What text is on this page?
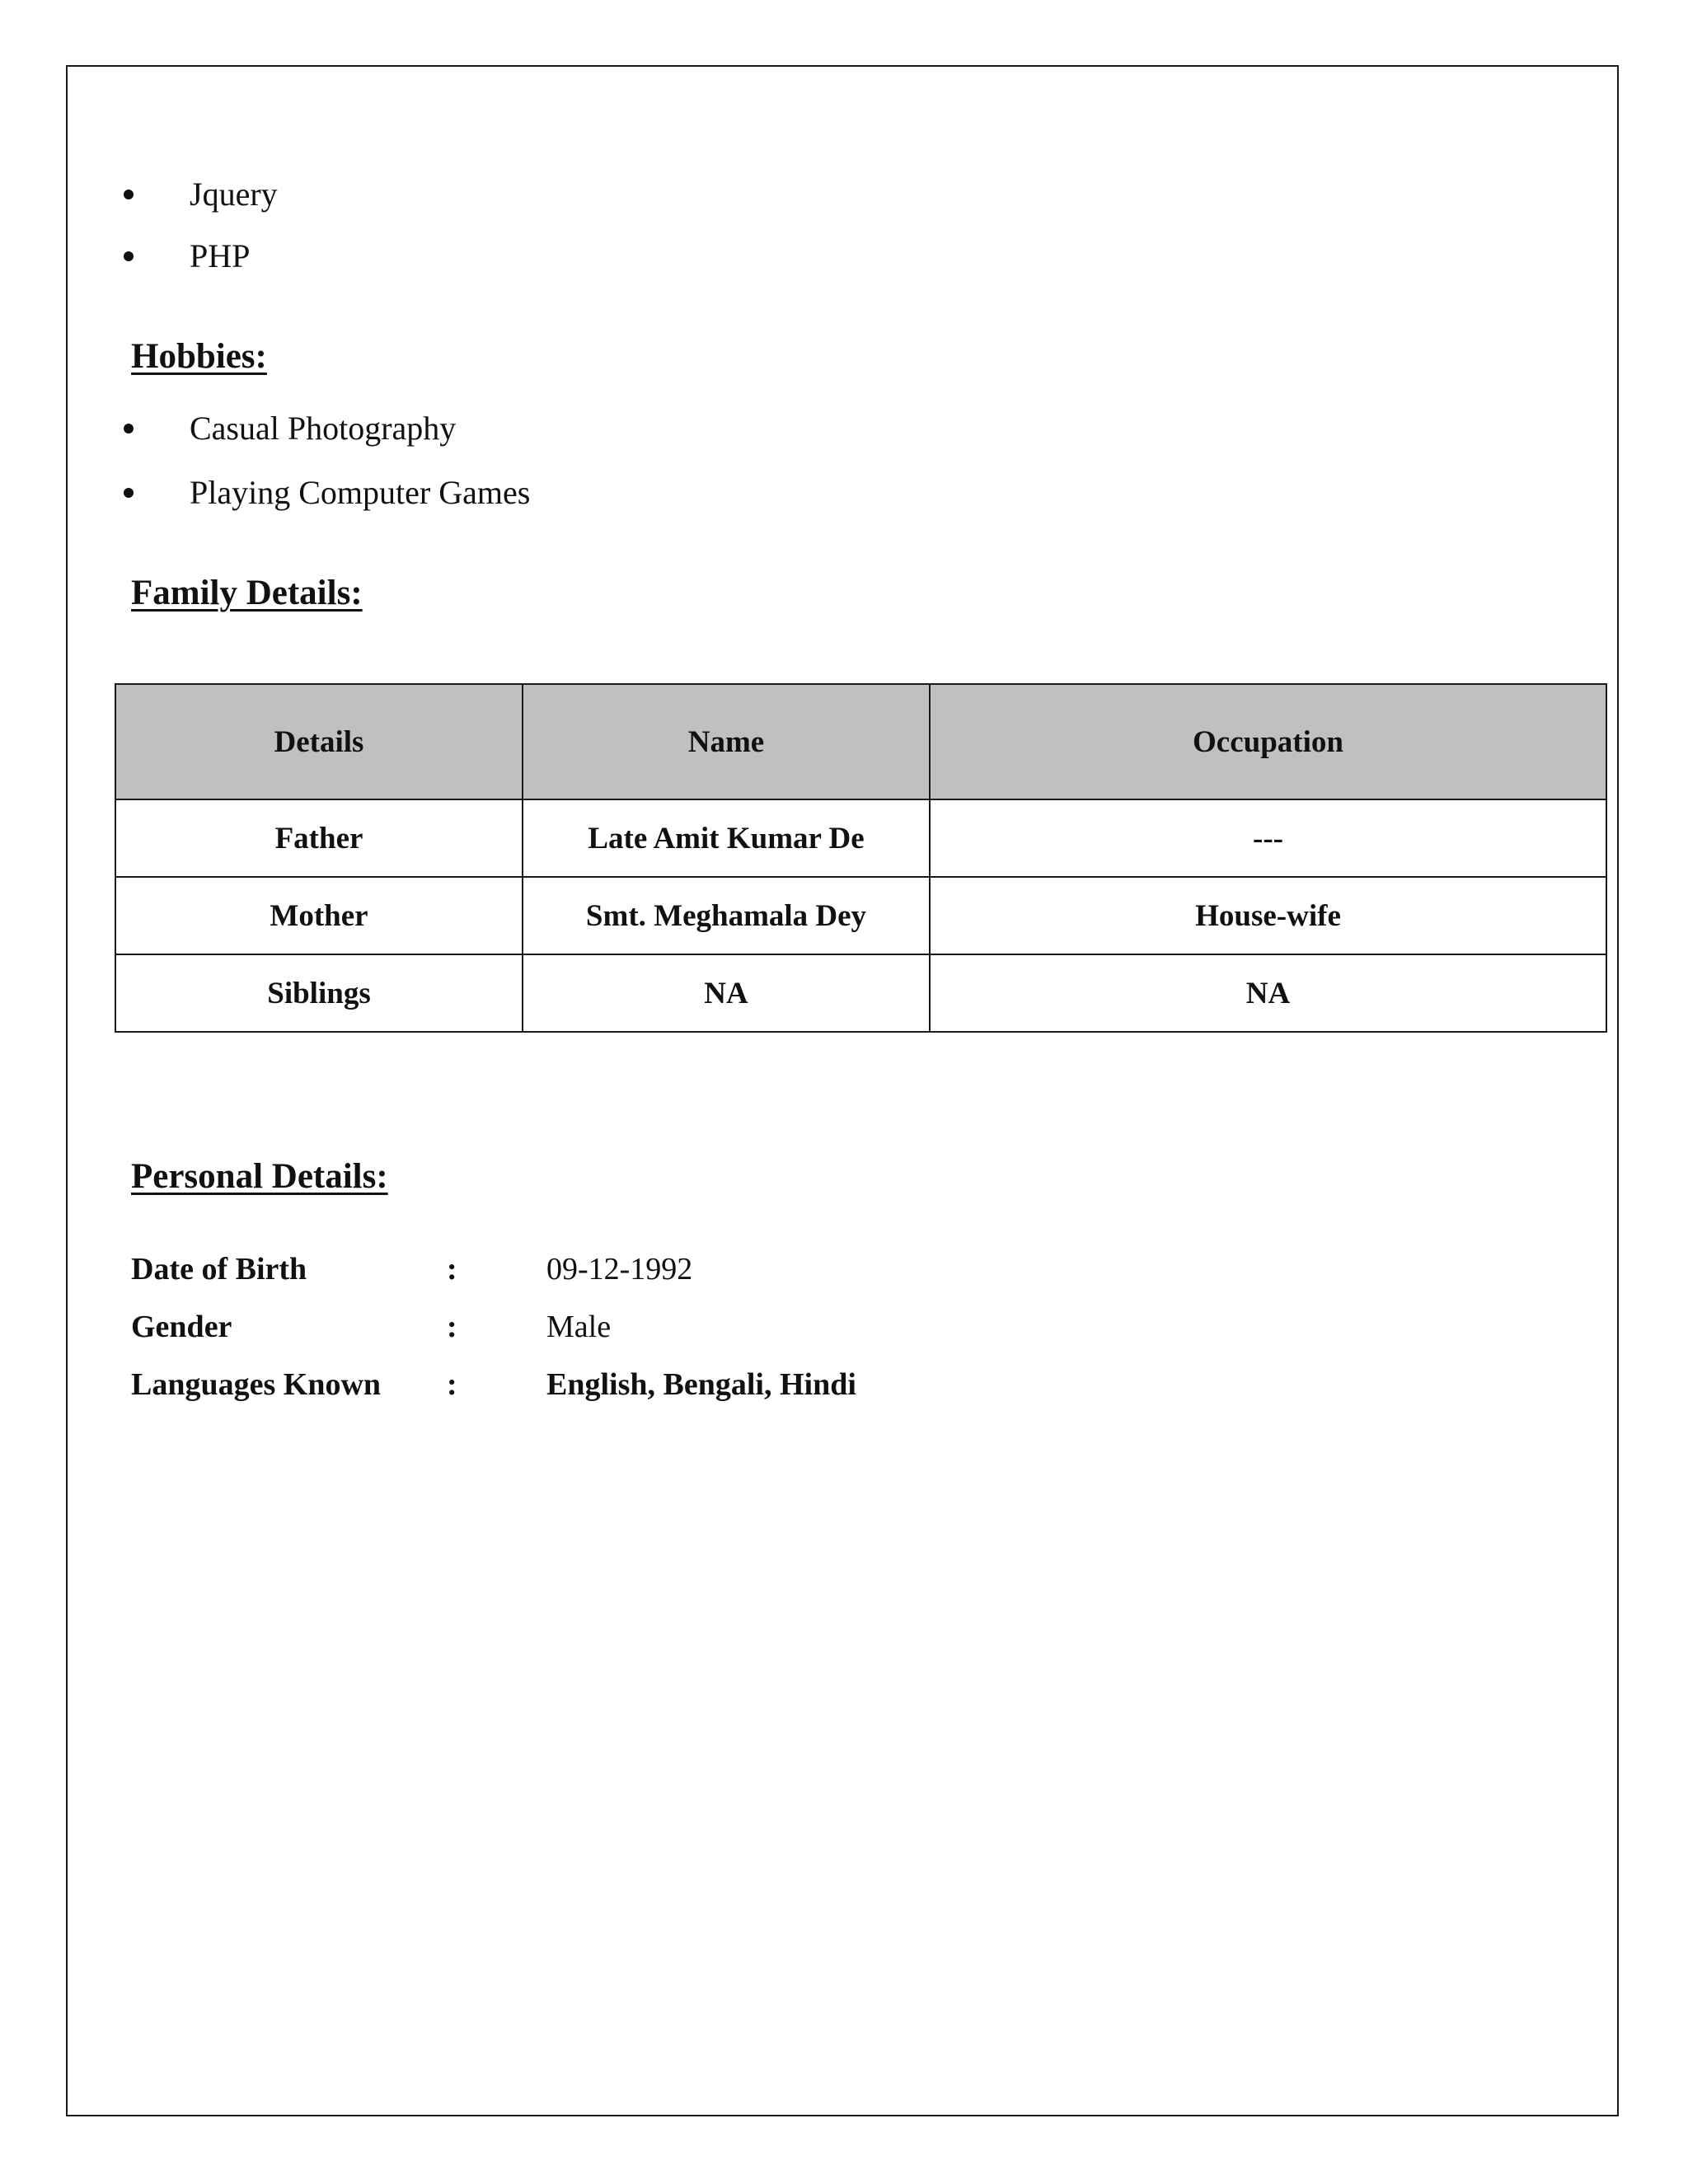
Jquery
PHP
Hobbies:
Casual Photography
Playing Computer Games
Family Details:
Details	Name	Occupation
Father	Late Amit Kumar De	---
Mother	Smt. Meghamala Dey	House-wife
Siblings	NA	NA
Personal Details:
Date of Birth	:	09-12-1992
Gender	:	Male
Languages Known :	English, Bengali, Hindi
